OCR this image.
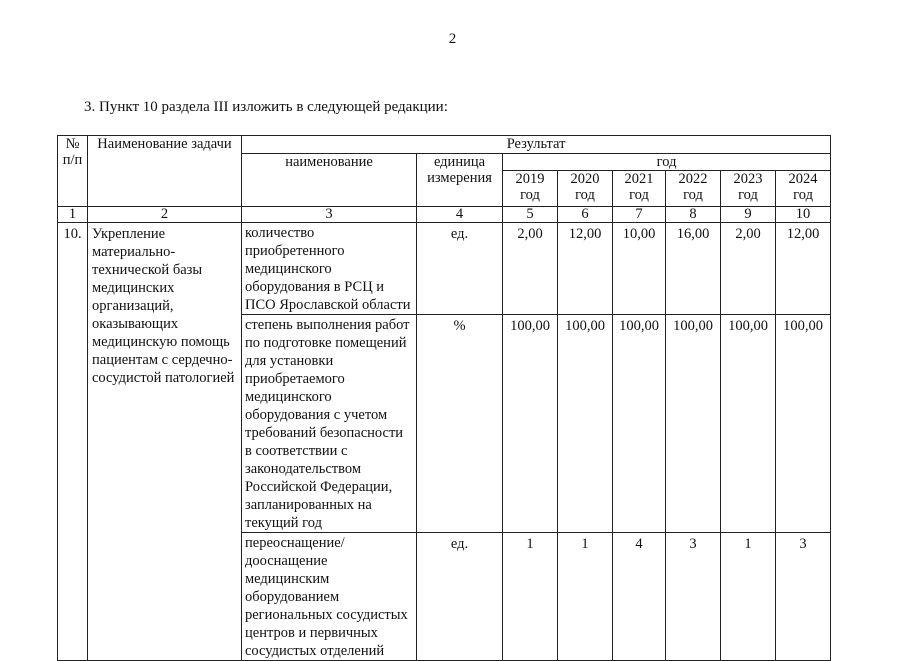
2
3. Пункт 10 раздела III изложить в следующей редакции:
№ п/п	Наименование задачи	Результат							
		наименование	единица измерения	год					
				2019 год	2020 год	2021 год	2022 год	2023 год	2024 год
1	2	3	4	5	6	7	8	9	10
10.	Укрепление материально-технической базы медицинских организаций, оказывающих медицинскую помощь пациентам с сердечно-сосудистой патологией	количество приобретенного медицинского оборудования в РСЦ и ПСО Ярославской области	ед.	2,00	12,00	10,00	16,00	2,00	12,00
		степень выполнения работ по подготовке помещений для установки приобретаемого медицинского оборудования с учетом требований безопасности в соответствии с законодательством Российской Федерации, запланированных на текущий год	%	100,00	100,00	100,00	100,00	100,00	100,00
		переоснащение/ дооснащение медицинским оборудованием региональных сосудистых центров и первичных сосудистых отделений	ед.	1	1	4	3	1	3
